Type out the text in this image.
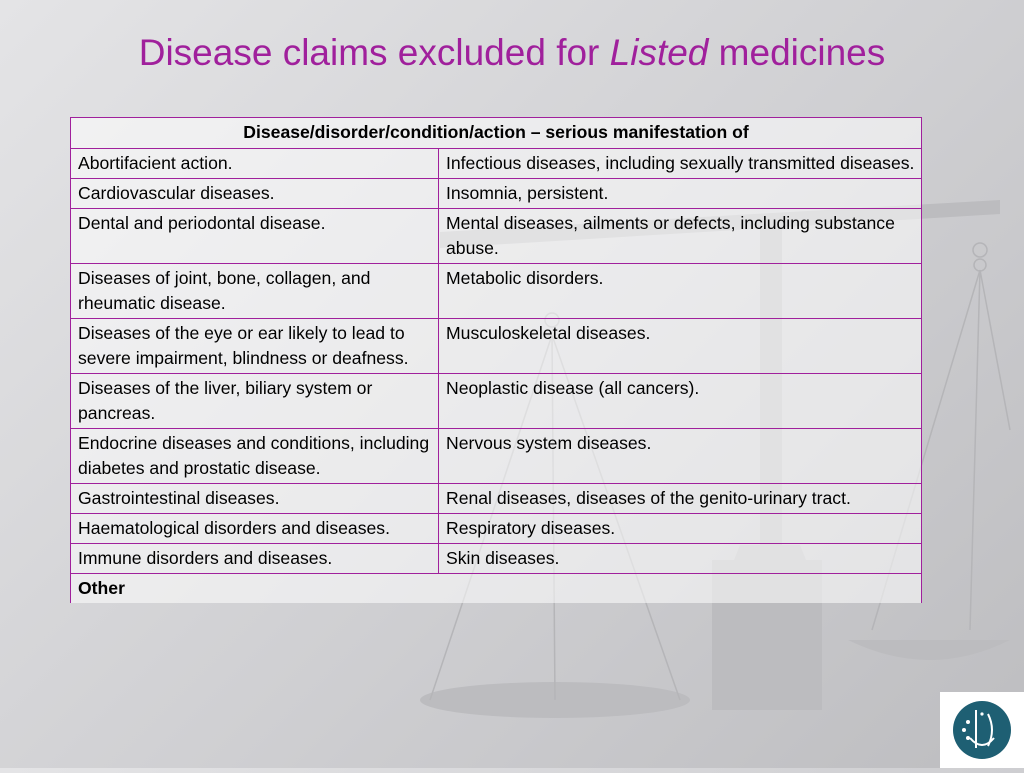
Disease claims excluded for Listed medicines
Disease/disorder/condition/action – serious manifestation of	
Abortifacient action.	Infectious diseases, including sexually transmitted diseases.
Cardiovascular diseases.	Insomnia, persistent.
Dental and periodontal disease.	Mental diseases, ailments or defects, including substance abuse.
Diseases of joint, bone, collagen, and rheumatic disease.	Metabolic disorders.
Diseases of the eye or ear likely to lead to severe impairment, blindness or deafness.	Musculoskeletal diseases.
Diseases of the liver, biliary system or pancreas.	Neoplastic disease (all cancers).
Endocrine diseases and conditions, including diabetes and prostatic disease.	Nervous system diseases.
Gastrointestinal diseases.	Renal diseases, diseases of the genito-urinary tract.
Haematological disorders and diseases.	Respiratory diseases.
Immune disorders and diseases.	Skin diseases.
Other	
